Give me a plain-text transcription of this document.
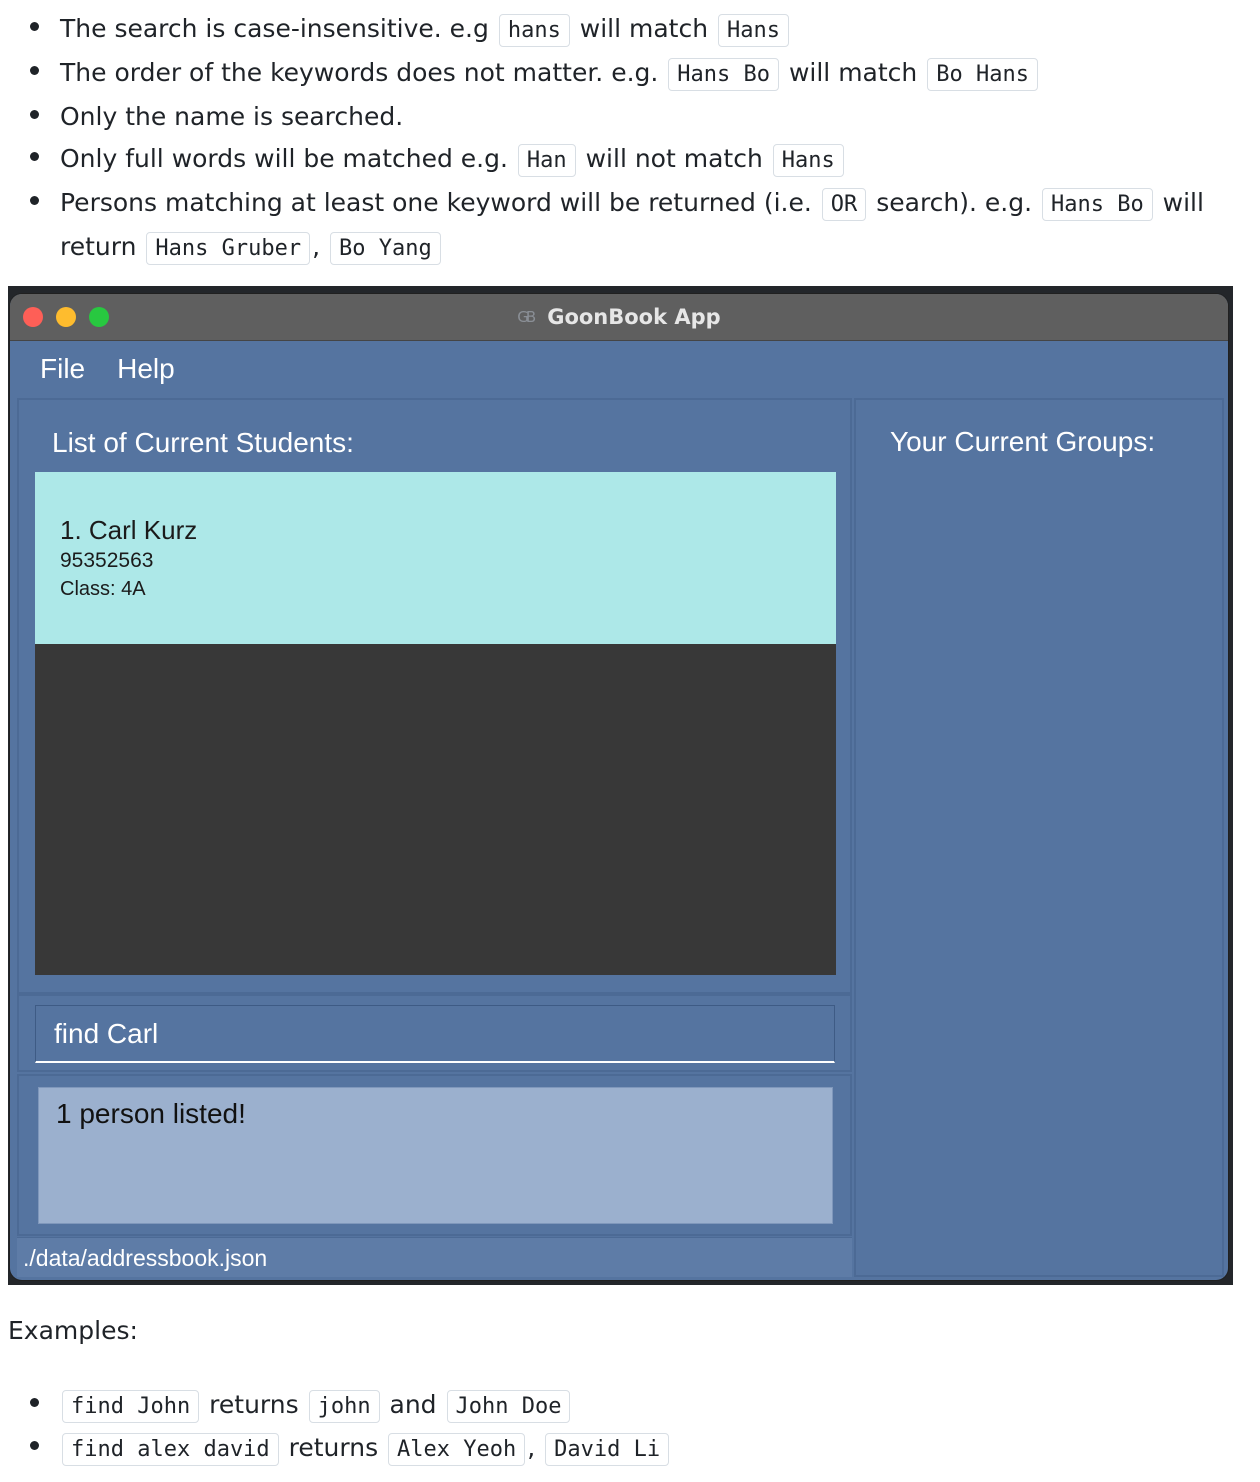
The search is case-insensitive. e.g hans will match Hans
The order of the keywords does not matter. e.g. Hans Bo will match Bo Hans
Only the name is searched.
Only full words will be matched e.g. Han will not match Hans
Persons matching at least one keyword will be returned (i.e. OR search). e.g. Hans Bo will return Hans Gruber , Bo Yang
GB GoonBook App
File Help
List of Current Students:
1. Carl Kurz
95352563
Class: 4A
find Carl
1 person listed!
./data/addressbook.json
Your Current Groups:
Examples:
find John returns john and John Doe
find alex david returns Alex Yeoh , David Li
